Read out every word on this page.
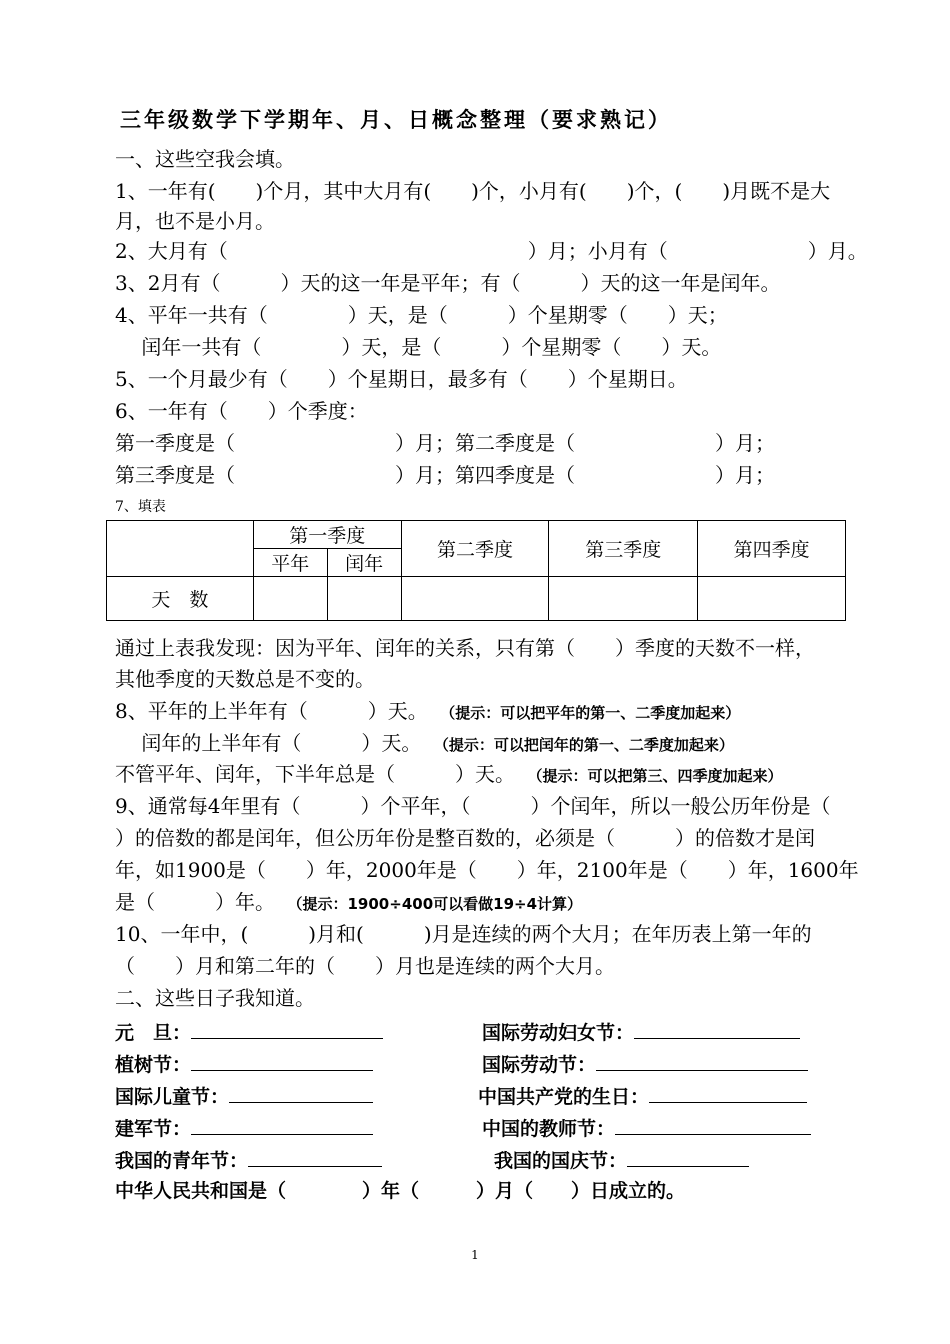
三年级数学下学期年、月、日概念整理（要求熟记）
一、这些空我会填。
1、一年有(　　)个月，其中大月有(　　)个，小月有(　　)个，(　　)月既不是大
月，也不是小月。
2、大月有（　　　　　　　　　　　　　　　）月；小月有（　　　　　　　）月。
3、2月有（　　　）天的这一年是平年；有（　　　）天的这一年是闰年。
4、平年一共有（　　　　）天，是（　　　）个星期零（　　）天；
　 闰年一共有（　　　　）天，是（　　　）个星期零（　　）天。
5、一个月最少有（　　）个星期日，最多有（　　）个星期日。
6、一年有（　　）个季度：
第一季度是（　　　　　　　　）月；第二季度是（　　　　　　　）月；
第三季度是（　　　　　　　　）月；第四季度是（　　　　　　　）月；
7、填表
	第一季度		第二季度	第三季度	第四季度
	平年	闰年			
天　数					
通过上表我发现：因为平年、闰年的关系，只有第（　　）季度的天数不一样，
其他季度的天数总是不变的。
8、平年的上半年有（　　　）天。 （提示：可以把平年的第一、二季度加起来）
　 闰年的上半年有（　　　）天。 （提示：可以把闰年的第一、二季度加起来）
不管平年、闰年，下半年总是（　　　）天。 （提示：可以把第三、四季度加起来）
9、通常每4年里有（　　　）个平年，（　　　）个闰年，所以一般公历年份是（
）的倍数的都是闰年，但公历年份是整百数的，必须是（　　　）的倍数才是闰
年，如1900是（　　）年，2000年是（　　）年，2100年是（　　）年，1600年
是（　　　）年。 （提示：1900÷400可以看做19÷4计算）
10、一年中，(　　　)月和(　　　)月是连续的两个大月；在年历表上第一年的
（　　）月和第二年的（　　）月也是连续的两个大月。
二、这些日子我知道。
元　旦：	国际劳动妇女节：
植树节：	国际劳动节：
国际儿童节：	中国共产党的生日：
建军节：	中国的教师节：
我国的青年节：	我国的国庆节：
中华人民共和国是（　　　　）年（　　　）月（　　）日成立的。
1
